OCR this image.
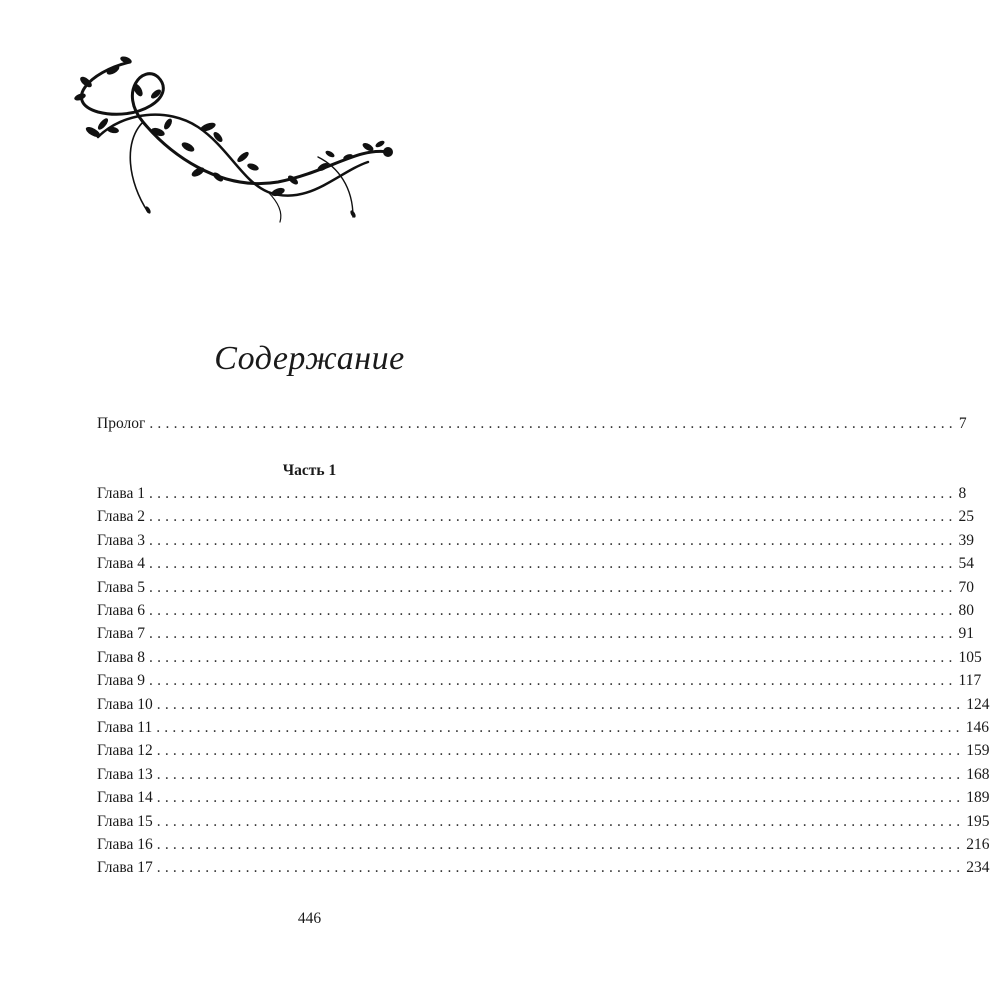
Содержание
Пролог .................................................................................................... 7
Часть 1
Глава 1 .................................................................................................... 8
Глава 2 .................................................................................................... 25
Глава 3 .................................................................................................... 39
Глава 4 .................................................................................................... 54
Глава 5 .................................................................................................... 70
Глава 6 .................................................................................................... 80
Глава 7 .................................................................................................... 91
Глава 8 .................................................................................................... 105
Глава 9 .................................................................................................... 117
Глава 10 .................................................................................................... 124
Глава 11 .................................................................................................... 146
Глава 12 .................................................................................................... 159
Глава 13 .................................................................................................... 168
Глава 14 .................................................................................................... 189
Глава 15 .................................................................................................... 195
Глава 16 .................................................................................................... 216
Глава 17 .................................................................................................... 234
446
